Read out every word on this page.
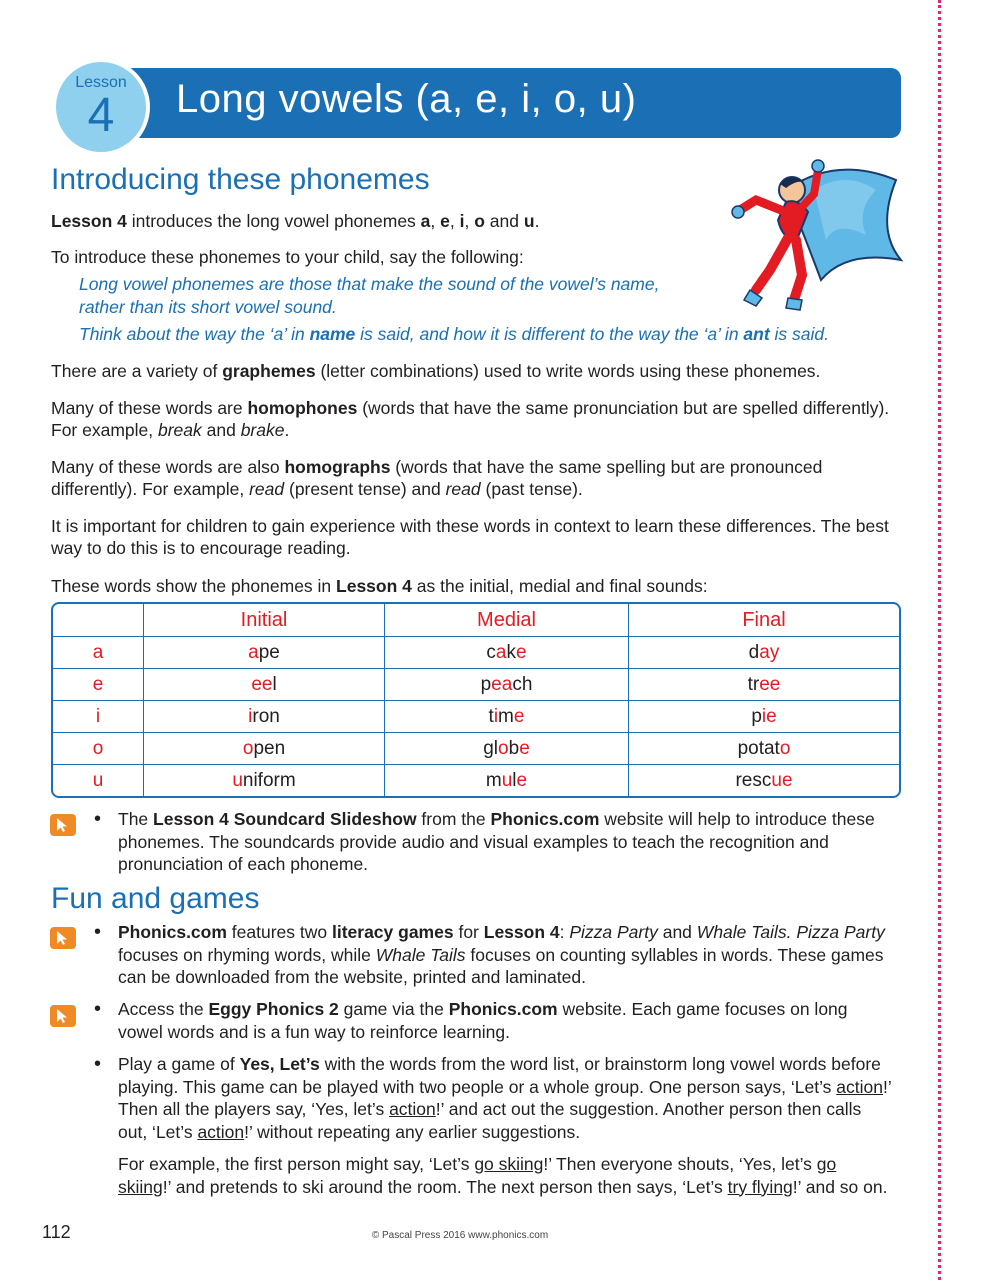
Long vowels (a, e, i, o, u)
Lesson
4
Introducing these phonemes

Lesson 4 introduces the long vowel phonemes a, e, i, o and u.

To introduce these phonemes to your child, say the following:

Long vowel phonemes are those that make the sound of the vowel’s name,

rather than its short vowel sound.

Think about the way the ‘a’ in name is said, and how it is different to the way the ‘a’ in ant is said.

There are a variety of graphemes (letter combinations) used to write words using these phonemes.

Many of these words are homophones (words that have the same pronunciation but are spelled differently). For example, break and brake.

Many of these words are also homographs (words that have the same spelling but are pronounced differently). For example, read (present tense) and read (past tense).

It is important for children to gain experience with these words in context to learn these differences. The best way to do this is to encourage reading.

These words show the phonemes in Lesson 4 as the initial, medial and final sounds:

	Initial	Medial	Final
a	ape	cake	day
e	eel	peach	tree
i	iron	time	pie
o	open	globe	potato
u	uniform	mule	rescue
• The Lesson 4 Soundcard Slideshow from the Phonics.com website will help to introduce these phonemes. The soundcards provide audio and visual examples to teach the recognition and pronunciation of each phoneme.

Fun and games
• Phonics.com features two literacy games for Lesson 4: Pizza Party and Whale Tails. Pizza Party focuses on rhyming words, while Whale Tails focuses on counting syllables in words. These games can be downloaded from the website, printed and laminated.

• Access the Eggy Phonics 2 game via the Phonics.com website. Each game focuses on long vowel words and is a fun way to reinforce learning.

• Play a game of Yes, Let’s with the words from the word list, or brainstorm long vowel words before playing. This game can be played with two people or a whole group. One person says, ‘Let’s action!’ Then all the players say, ‘Yes, let’s action!’ and act out the suggestion. Another person then calls out, ‘Let’s action!’ without repeating any earlier suggestions.

For example, the first person might say, ‘Let’s go skiing!’ Then everyone shouts, ‘Yes, let’s go skiing!’ and pretends to ski around the room. The next person then says, ‘Let’s try flying!’ and so on.

112	© Pascal Press 2016 www.phonics.com
